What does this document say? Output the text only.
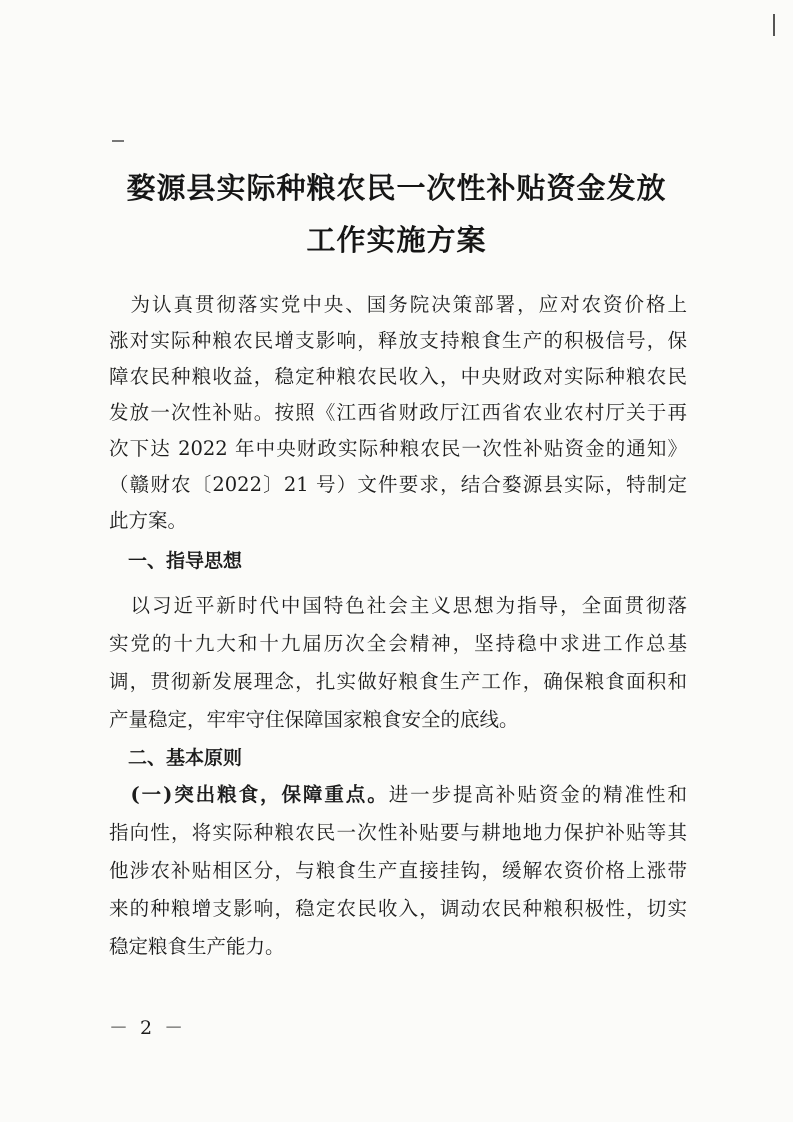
婺源县实际种粮农民一次性补贴资金发放
工作实施方案
　为认真贯彻落实党中央、国务院决策部署，应对农资价格上
涨对实际种粮农民增支影响，释放支持粮食生产的积极信号，保
障农民种粮收益，稳定种粮农民收入，中央财政对实际种粮农民
发放一次性补贴。按照《江西省财政厅江西省农业农村厅关于再
次下达 2022 年中央财政实际种粮农民一次性补贴资金的通知》
（赣财农〔2022〕21 号）文件要求，结合婺源县实际，特制定
此方案。
　一、指导思想
　以习近平新时代中国特色社会主义思想为指导，全面贯彻落
实党的十九大和十九届历次全会精神，坚持稳中求进工作总基
调，贯彻新发展理念，扎实做好粮食生产工作，确保粮食面积和
产量稳定，牢牢守住保障国家粮食安全的底线。
　二、基本原则
　(一)突出粮食，保障重点。进一步提高补贴资金的精准性和
指向性，将实际种粮农民一次性补贴要与耕地地力保护补贴等其
他涉农补贴相区分，与粮食生产直接挂钩，缓解农资价格上涨带
来的种粮增支影响，稳定农民收入，调动农民种粮积极性，切实
稳定粮食生产能力。
－ 2 －
